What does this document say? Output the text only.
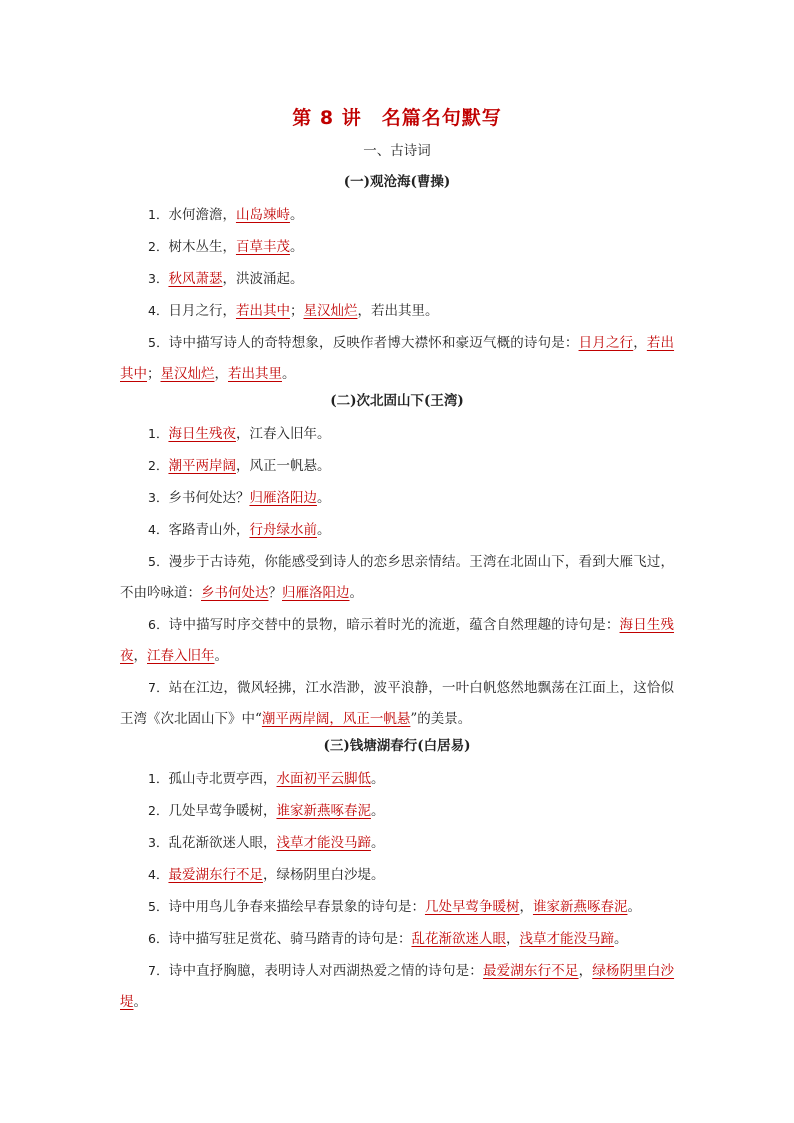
第 8 讲　名篇名句默写
一、古诗词
(一)观沧海(曹操)

1．水何澹澹，山岛竦峙。

2．树木丛生，百草丰茂。

3．秋风萧瑟，洪波涌起。

4．日月之行，若出其中；星汉灿烂，若出其里。

5．诗中描写诗人的奇特想象，反映作者博大襟怀和豪迈气概的诗句是：日月之行，若出其中；星汉灿烂，若出其里。

(二)次北固山下(王湾)

1．海日生残夜，江春入旧年。

2．潮平两岸阔，风正一帆悬。

3．乡书何处达？归雁洛阳边。

4．客路青山外，行舟绿水前。

5．漫步于古诗苑，你能感受到诗人的恋乡思亲情结。王湾在北固山下，看到大雁飞过，不由吟咏道：乡书何处达？归雁洛阳边。

6．诗中描写时序交替中的景物，暗示着时光的流逝，蕴含自然理趣的诗句是：海日生残夜，江春入旧年。

7．站在江边，微风轻拂，江水浩渺，波平浪静，一叶白帆悠然地飘荡在江面上，这恰似王湾《次北固山下》中“潮平两岸阔，风正一帆悬”的美景。

(三)钱塘湖春行(白居易)

1．孤山寺北贾亭西，水面初平云脚低。

2．几处早莺争暖树，谁家新燕啄春泥。

3．乱花渐欲迷人眼，浅草才能没马蹄。

4．最爱湖东行不足，绿杨阴里白沙堤。

5．诗中用鸟儿争春来描绘早春景象的诗句是：几处早莺争暖树，谁家新燕啄春泥。

6．诗中描写驻足赏花、骑马踏青的诗句是：乱花渐欲迷人眼，浅草才能没马蹄。

7．诗中直抒胸臆，表明诗人对西湖热爱之情的诗句是：最爱湖东行不足，绿杨阴里白沙堤。
